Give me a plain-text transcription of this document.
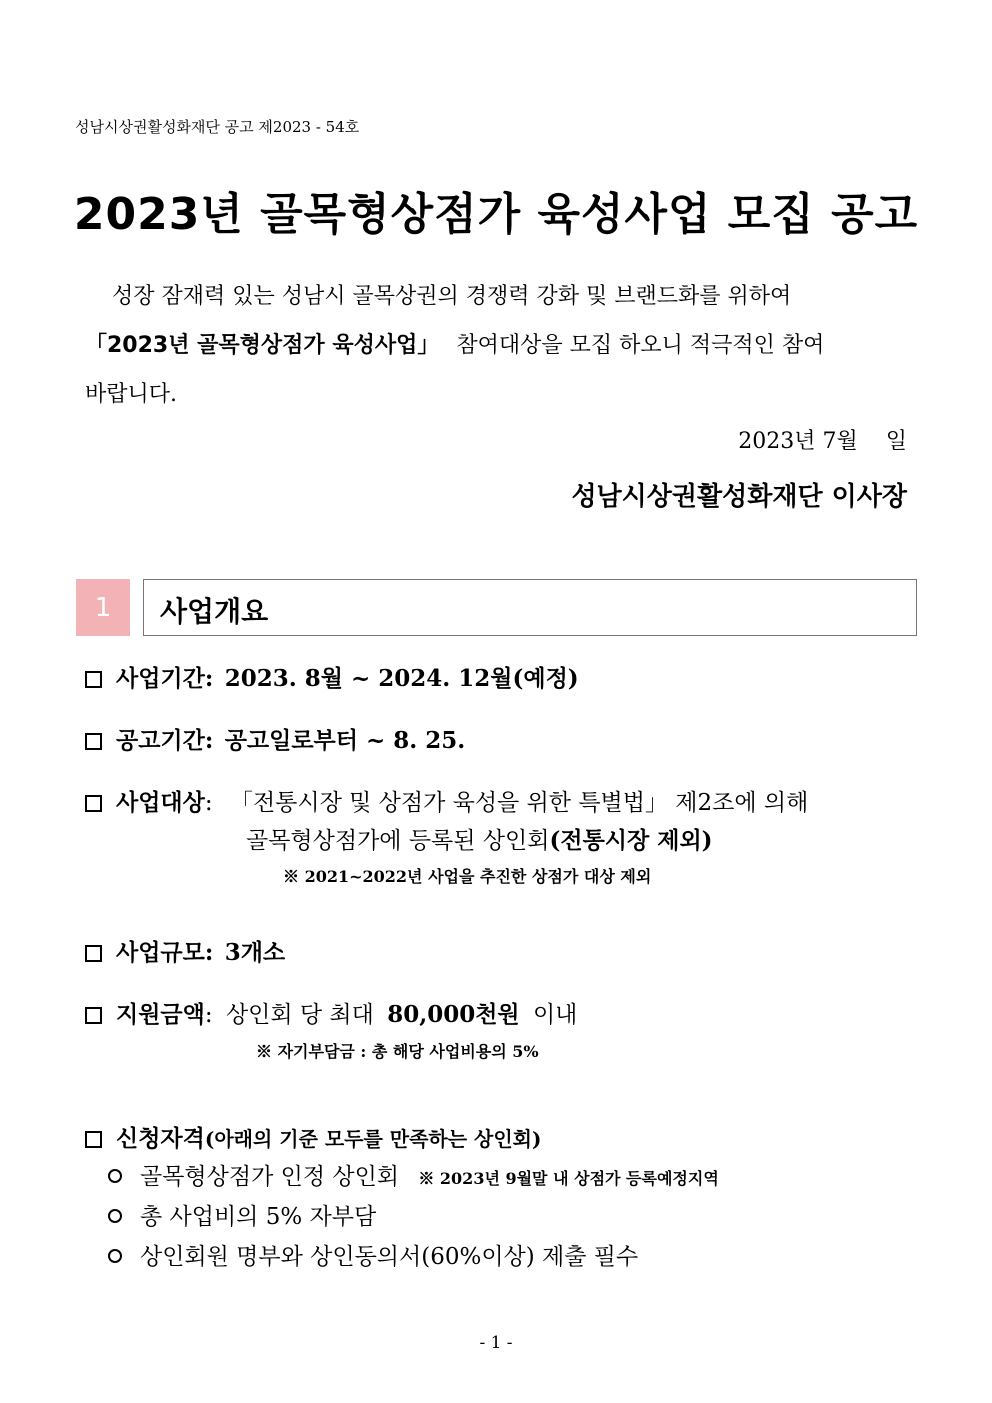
성남시상권활성화재단 공고 제2023 - 54호
2023년 골목형상점가 육성사업 모집 공고
성장 잠재력 있는 성남시 골목상권의 경쟁력 강화 및 브랜드화를 위하여
「2023년 골목형상점가 육성사업」 참여대상을 모집 하오니 적극적인 참여
바랍니다.
2023년 7월    일
성남시상권활성화재단 이사장
1	사업개요
사업기간: 2023. 8월 ~ 2024. 12월(예정)
공고기간: 공고일로부터 ~ 8. 25.
사업대상: 「전통시장 및 상점가 육성을 위한 특별법」 제2조에 의해
골목형상점가에 등록된 상인회(전통시장 제외)
※ 2021~2022년 사업을 추진한 상점가 대상 제외
사업규모: 3개소
지원금액: 상인회 당 최대 80,000천원 이내
※ 자기부담금 : 총 해당 사업비용의 5%
신청자격(아래의 기준 모두를 만족하는 상인회)
골목형상점가 인정 상인회 ※ 2023년 9월말 내 상점가 등록예정지역
총 사업비의 5% 자부담
상인회원 명부와 상인동의서(60%이상) 제출 필수
- 1 -
